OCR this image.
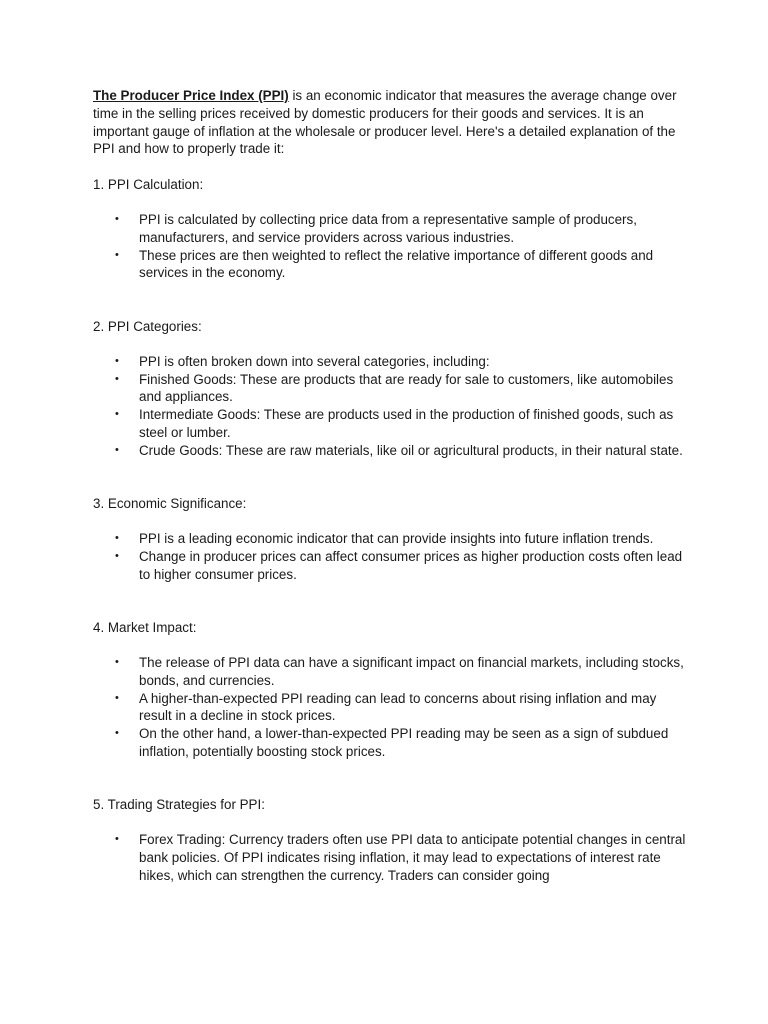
The Producer Price Index (PPI) is an economic indicator that measures the average change over time in the selling prices received by domestic producers for their goods and services. It is an important gauge of inflation at the wholesale or producer level. Here's a detailed explanation of the PPI and how to properly trade it:

1. PPI Calculation:

• PPI is calculated by collecting price data from a representative sample of producers, manufacturers, and service providers across various industries.
• These prices are then weighted to reflect the relative importance of different goods and services in the economy.

2. PPI Categories:

• PPI is often broken down into several categories, including:
• Finished Goods: These are products that are ready for sale to customers, like automobiles and appliances.
• Intermediate Goods: These are products used in the production of finished goods, such as steel or lumber.
• Crude Goods: These are raw materials, like oil or agricultural products, in their natural state.

3. Economic Significance:

• PPI is a leading economic indicator that can provide insights into future inflation trends.
• Change in producer prices can affect consumer prices as higher production costs often lead to higher consumer prices.

4. Market Impact:

• The release of PPI data can have a significant impact on financial markets, including stocks, bonds, and currencies.
• A higher-than-expected PPI reading can lead to concerns about rising inflation and may result in a decline in stock prices.
• On the other hand, a lower-than-expected PPI reading may be seen as a sign of subdued inflation, potentially boosting stock prices.

5. Trading Strategies for PPI:

• Forex Trading: Currency traders often use PPI data to anticipate potential changes in central bank policies. Of PPI indicates rising inflation, it may lead to expectations of interest rate hikes, which can strengthen the currency. Traders can consider going
